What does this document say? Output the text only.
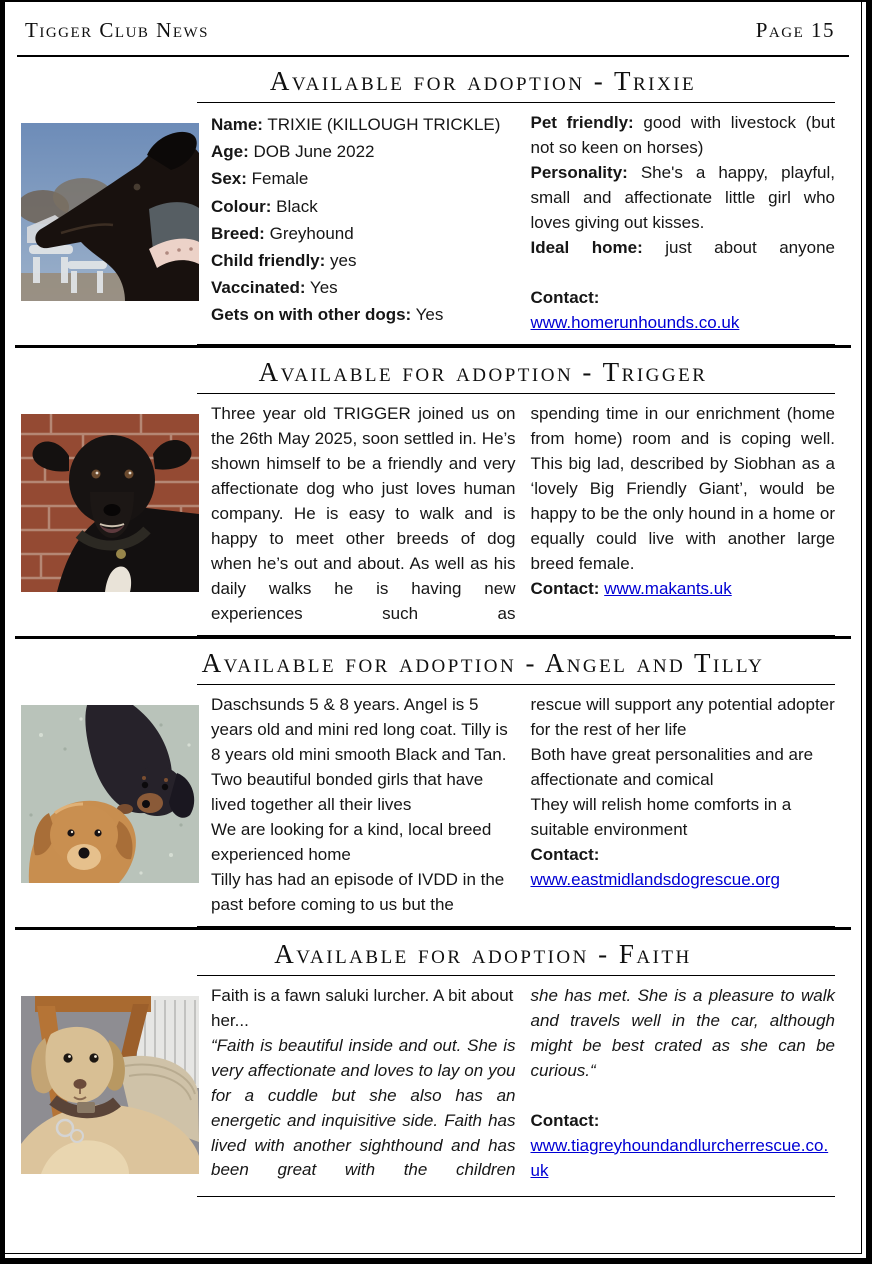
Tigger Club News	Page 15
Available for adoption - Trixie

Name: TRIXIE (KILLOUGH TRICKLE)

Age: DOB June 2022

Sex: Female

Colour: Black

Breed: Greyhound

Child friendly: yes

Vaccinated: Yes

Gets on with other dogs: Yes

Pet friendly: good with livestock (but not so keen on horses)

Personality: She's a happy, playful, small and affectionate little girl who loves giving out kisses.

Ideal home: just about anyone

Contact:

www.homerunhounds.co.uk

Available for adoption - Trigger

Three year old TRIGGER joined us on the 26th May 2025, soon settled in. He’s shown himself to be a friendly and very affectionate dog who just loves human company. He is easy to walk and is happy to meet other breeds of dog when he’s out and about. As well as his daily walks he is having new experiences such as

spending time in our enrichment (home from home) room and is coping well. This big lad, described by Siobhan as a ‘lovely Big Friendly Giant’, would be happy to be the only hound in a home or equally could live with another large breed female.

Contact: www.makants.uk

Available for adoption - Angel and Tilly

Daschsunds 5 & 8 years. Angel is 5 years old and mini red long coat. Tilly is 8 years old mini smooth Black and Tan. Two beautiful bonded girls that have lived together all their lives

We are looking for a kind, local breed experienced home

Tilly has had an episode of IVDD in the past before coming to us but the

rescue will support any potential adopter for the rest of her life

Both have great personalities and are affectionate and comical

They will relish home comforts in a suitable environment

Contact:

www.eastmidlandsdogrescue.org

Available for adoption - Faith

Faith is a fawn saluki lurcher. A bit about her...

“Faith is beautiful inside and out. She is very affectionate and loves to lay on you for a cuddle but she also has an energetic and inquisitive side. Faith has lived with another sighthound and has been great with the children

she has met. She is a pleasure to walk and travels well in the car, although might be best crated as she can be curious.“

Contact:

www.tiagreyhoundandlurcherrescue.co.uk
